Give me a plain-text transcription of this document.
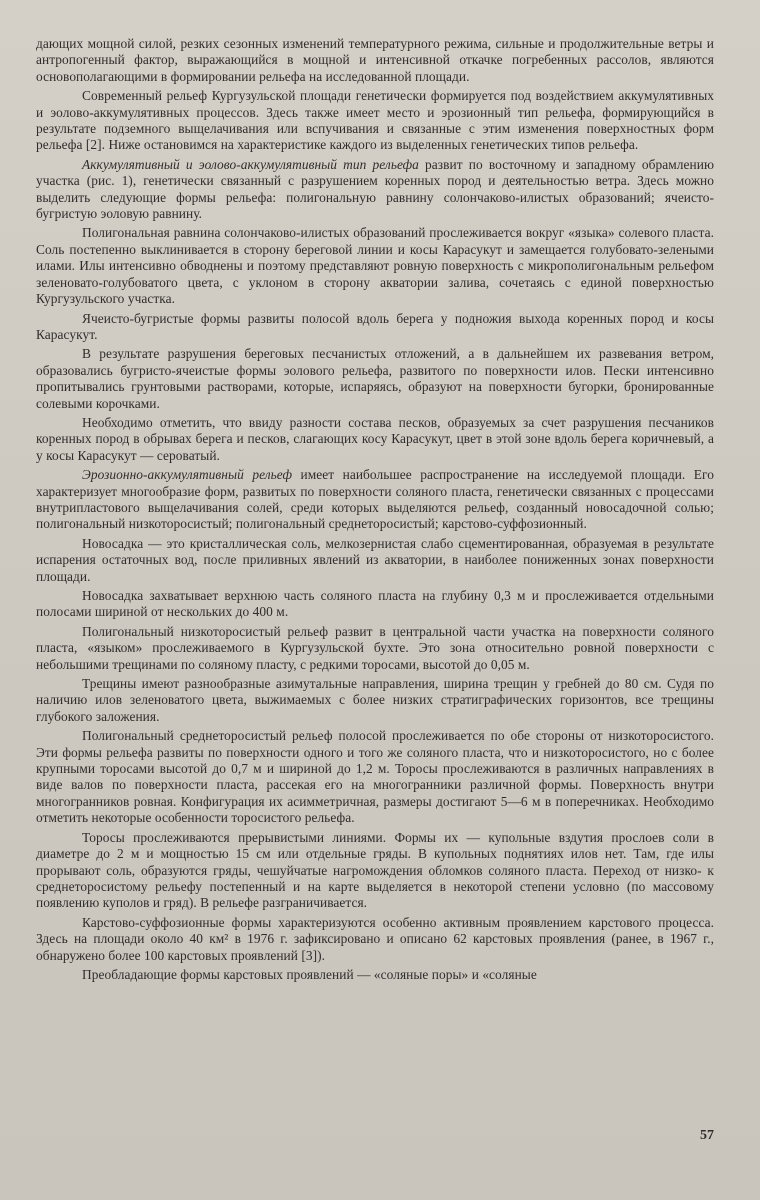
дающих мощной силой, резких сезонных изменений температурного режима, сильные и продолжительные ветры и антропогенный фактор, выражающийся в мощной и интенсивной откачке погребенных рассолов, являются основополагающими в формировании рельефа на исследованной площади.

Современный рельеф Кургузульской площади генетически формируется под воздействием аккумулятивных и эолово-аккумулятивных процессов. Здесь также имеет место и эрозионный тип рельефа, формирующийся в результате подземного выщелачивания или вспучивания и связанные с этим изменения поверхностных форм рельефа [2]. Ниже остановимся на характеристике каждого из выделенных генетических типов рельефа.

Аккумулятивный и эолово-аккумулятивный тип рельефа развит по восточному и западному обрамлению участка (рис. 1), генетически связанный с разрушением коренных пород и деятельностью ветра. Здесь можно выделить следующие формы рельефа: полигональную равнину солончаково-илистых образований; ячеисто-бугристую эоловую равнину.

Полигональная равнина солончаково-илистых образований прослеживается вокруг «языка» солевого пласта. Соль постепенно выклинивается в сторону береговой линии и косы Карасукут и замещается голубовато-зелеными илами. Илы интенсивно обводнены и поэтому представляют ровную поверхность с микрополигональным рельефом зеленовато-голубоватого цвета, с уклоном в сторону акватории залива, сочетаясь с единой поверхностью Кургузульского участка.

Ячеисто-бугристые формы развиты полосой вдоль берега у подножия выхода коренных пород и косы Карасукут.

В результате разрушения береговых песчанистых отложений, а в дальнейшем их развевания ветром, образовались бугристо-ячеистые формы эолового рельефа, развитого по поверхности илов. Пески интенсивно пропитывались грунтовыми растворами, которые, испаряясь, образуют на поверхности бугорки, бронированные солевыми корочками.

Необходимо отметить, что ввиду разности состава песков, образуемых за счет разрушения песчаников коренных пород в обрывах берега и песков, слагающих косу Карасукут, цвет в этой зоне вдоль берега коричневый, а у косы Карасукут — сероватый.

Эрозионно-аккумулятивный рельеф имеет наибольшее распространение на исследуемой площади. Его характеризует многообразие форм, развитых по поверхности соляного пласта, генетически связанных с процессами внутрипластового выщелачивания солей, среди которых выделяются рельеф, созданный новосадочной солью; полигональный низкоторосистый; полигональный среднеторосистый; карстово-суффозионный.

Новосадка — это кристаллическая соль, мелкозернистая слабо сцементированная, образуемая в результате испарения остаточных вод, после приливных явлений из акватории, в наиболее пониженных зонах поверхности площади.

Новосадка захватывает верхнюю часть соляного пласта на глубину 0,3 м и прослеживается отдельными полосами шириной от нескольких до 400 м.

Полигональный низкоторосистый рельеф развит в центральной части участка на поверхности соляного пласта, «языком» прослеживаемого в Кургузульской бухте. Это зона относительно ровной поверхности с небольшими трещинами по соляному пласту, с редкими торосами, высотой до 0,05 м.

Трещины имеют разнообразные азимутальные направления, ширина трещин у гребней до 80 см. Судя по наличию илов зеленоватого цвета, выжимаемых с более низких стратиграфических горизонтов, все трещины глубокого заложения.

Полигональный среднеторосистый рельеф полосой прослеживается по обе стороны от низкоторосистого. Эти формы рельефа развиты по поверхности одного и того же соляного пласта, что и низкоторосистого, но с более крупными торосами высотой до 0,7 м и шириной до 1,2 м. Торосы прослеживаются в различных направлениях в виде валов по поверхности пласта, рассекая его на многогранники различной формы. Поверхность внутри многогранников ровная. Конфигурация их асимметричная, размеры достигают 5—6 м в поперечниках. Необходимо отметить некоторые особенности торосистого рельефа.

Торосы прослеживаются прерывистыми линиями. Формы их — купольные вздутия прослоев соли в диаметре до 2 м и мощностью 15 см или отдельные гряды. В купольных поднятиях илов нет. Там, где илы прорывают соль, образуются гряды, чешуйчатые нагромождения обломков соляного пласта. Переход от низко- к среднеторосистому рельефу постепенный и на карте выделяется в некоторой степени условно (по массовому появлению куполов и гряд). В рельефе разграничивается.

Карстово-суффозионные формы характеризуются особенно активным проявлением карстового процесса. Здесь на площади около 40 км² в 1976 г. зафиксировано и описано 62 карстовых проявления (ранее, в 1967 г., обнаружено более 100 карстовых проявлений [3]).

Преобладающие формы карстовых проявлений — «соляные поры» и «соляные

57
